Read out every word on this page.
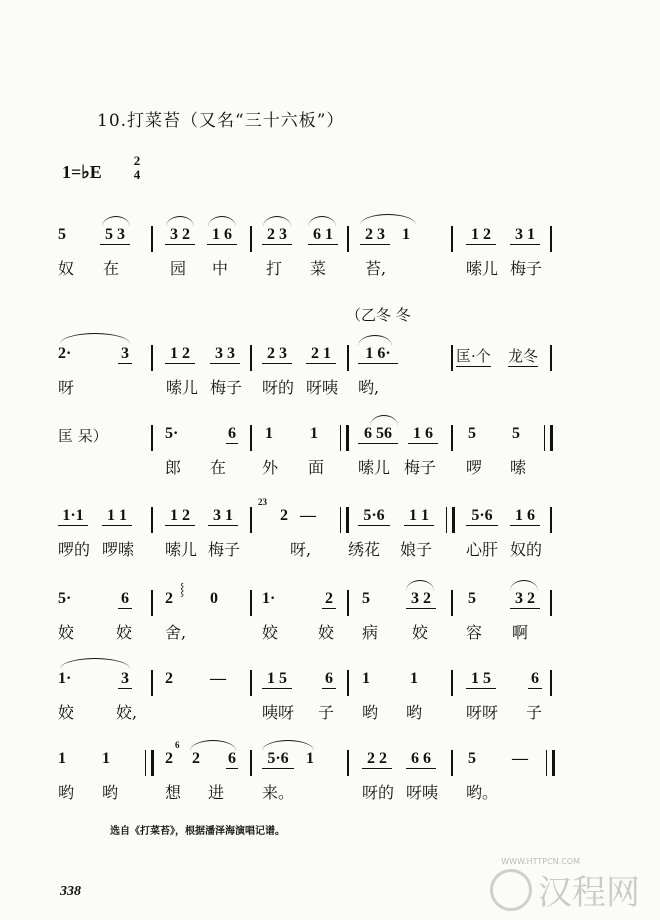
10.打菜苔（又名“三十六板”）
1=♭E
2
4
5	5 3	3 2	1 6	2 3	6 1	2 3	1	1 2	3 1
奴 在	园 中 打 菜 苔,	嗦儿 梅子
（乙冬 冬
2·	3	1 2	3 3	2 3	2 1	1 6·	匡·个 龙冬
呀	嗦儿 梅子 呀的 呀咦 哟,
匡 呆）	5·	6 1 1	6 56	1 6	5 5
郎 在 外 面 嗦儿 梅子 啰 嗦
1·1	1 1	1 2	3 1
23
2 —	5·6	1 1	5·6	1 6
啰的 啰嗦 嗦儿 梅子	呀, 绣花 娘子 心肝 奴的
5·	6 2
⸾
0	1·	2 5	3 2	5	3 2
姣	姣 舍,	姣 姣 病 姣 容 啊
1·	3 2 —	1 5	6 1	1	1 5	6
姣	姣,	咦呀 子 哟 哟	呀呀 子
1 1	2
6
2 6	5·6	1	2 2	6 6	5 —
哟 哟	想 进 来。	呀的 呀咦 哟。
选自《打菜苔》，根据潘泽海演唱记谱。
338	汉程网
WWW.HTTPCN.COM
